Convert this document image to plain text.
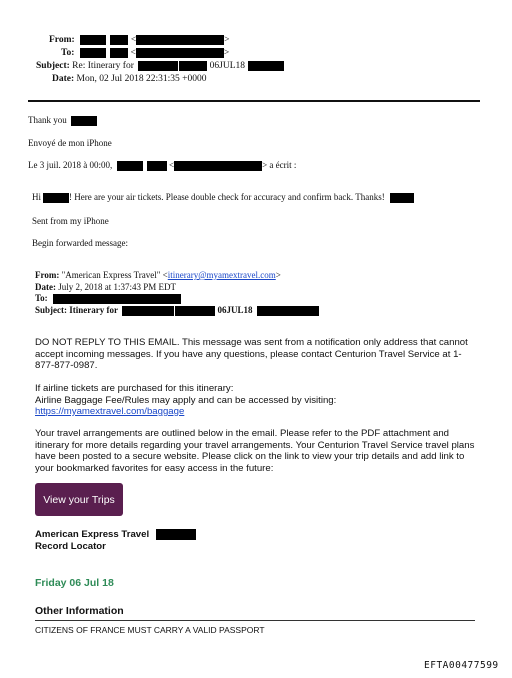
From:	<	>
To:	<	>
Subject: Re: Itinerary for	06JUL18
Date: Mon, 02 Jul 2018 22:31:35 +0000
Thank you
Envoyé de mon iPhone
Le 3 juil. 2018 à 00:00,	<	> a écrit :
Hi	! Here are your air tickets. Please double check for accuracy and confirm back. Thanks!
Sent from my iPhone
Begin forwarded message:
From: "American Express Travel" <itinerary@myamextravel.com>
Date: July 2, 2018 at 1:37:43 PM EDT
To:
Subject: Itinerary for	06JUL18
DO NOT REPLY TO THIS EMAIL. This message was sent from a notification only address that cannot accept incoming messages. If you have any questions, please contact Centurion Travel Service at 1-877-877-0987.
If airline tickets are purchased for this itinerary:
Airline Baggage Fee/Rules may apply and can be accessed by visiting:
https://myamextravel.com/baggage
Your travel arrangements are outlined below in the email. Please refer to the PDF attachment and itinerary for more details regarding your travel arrangements. Your Centurion Travel Service travel plans have been posted to a secure website. Please click on the link to view your trip details and add link to your bookmarked favorites for easy access in the future:
View your Trips
American Express Travel
Record Locator
Friday 06 Jul 18
Other Information
CITIZENS OF FRANCE MUST CARRY A VALID PASSPORT
EFTA00477599
